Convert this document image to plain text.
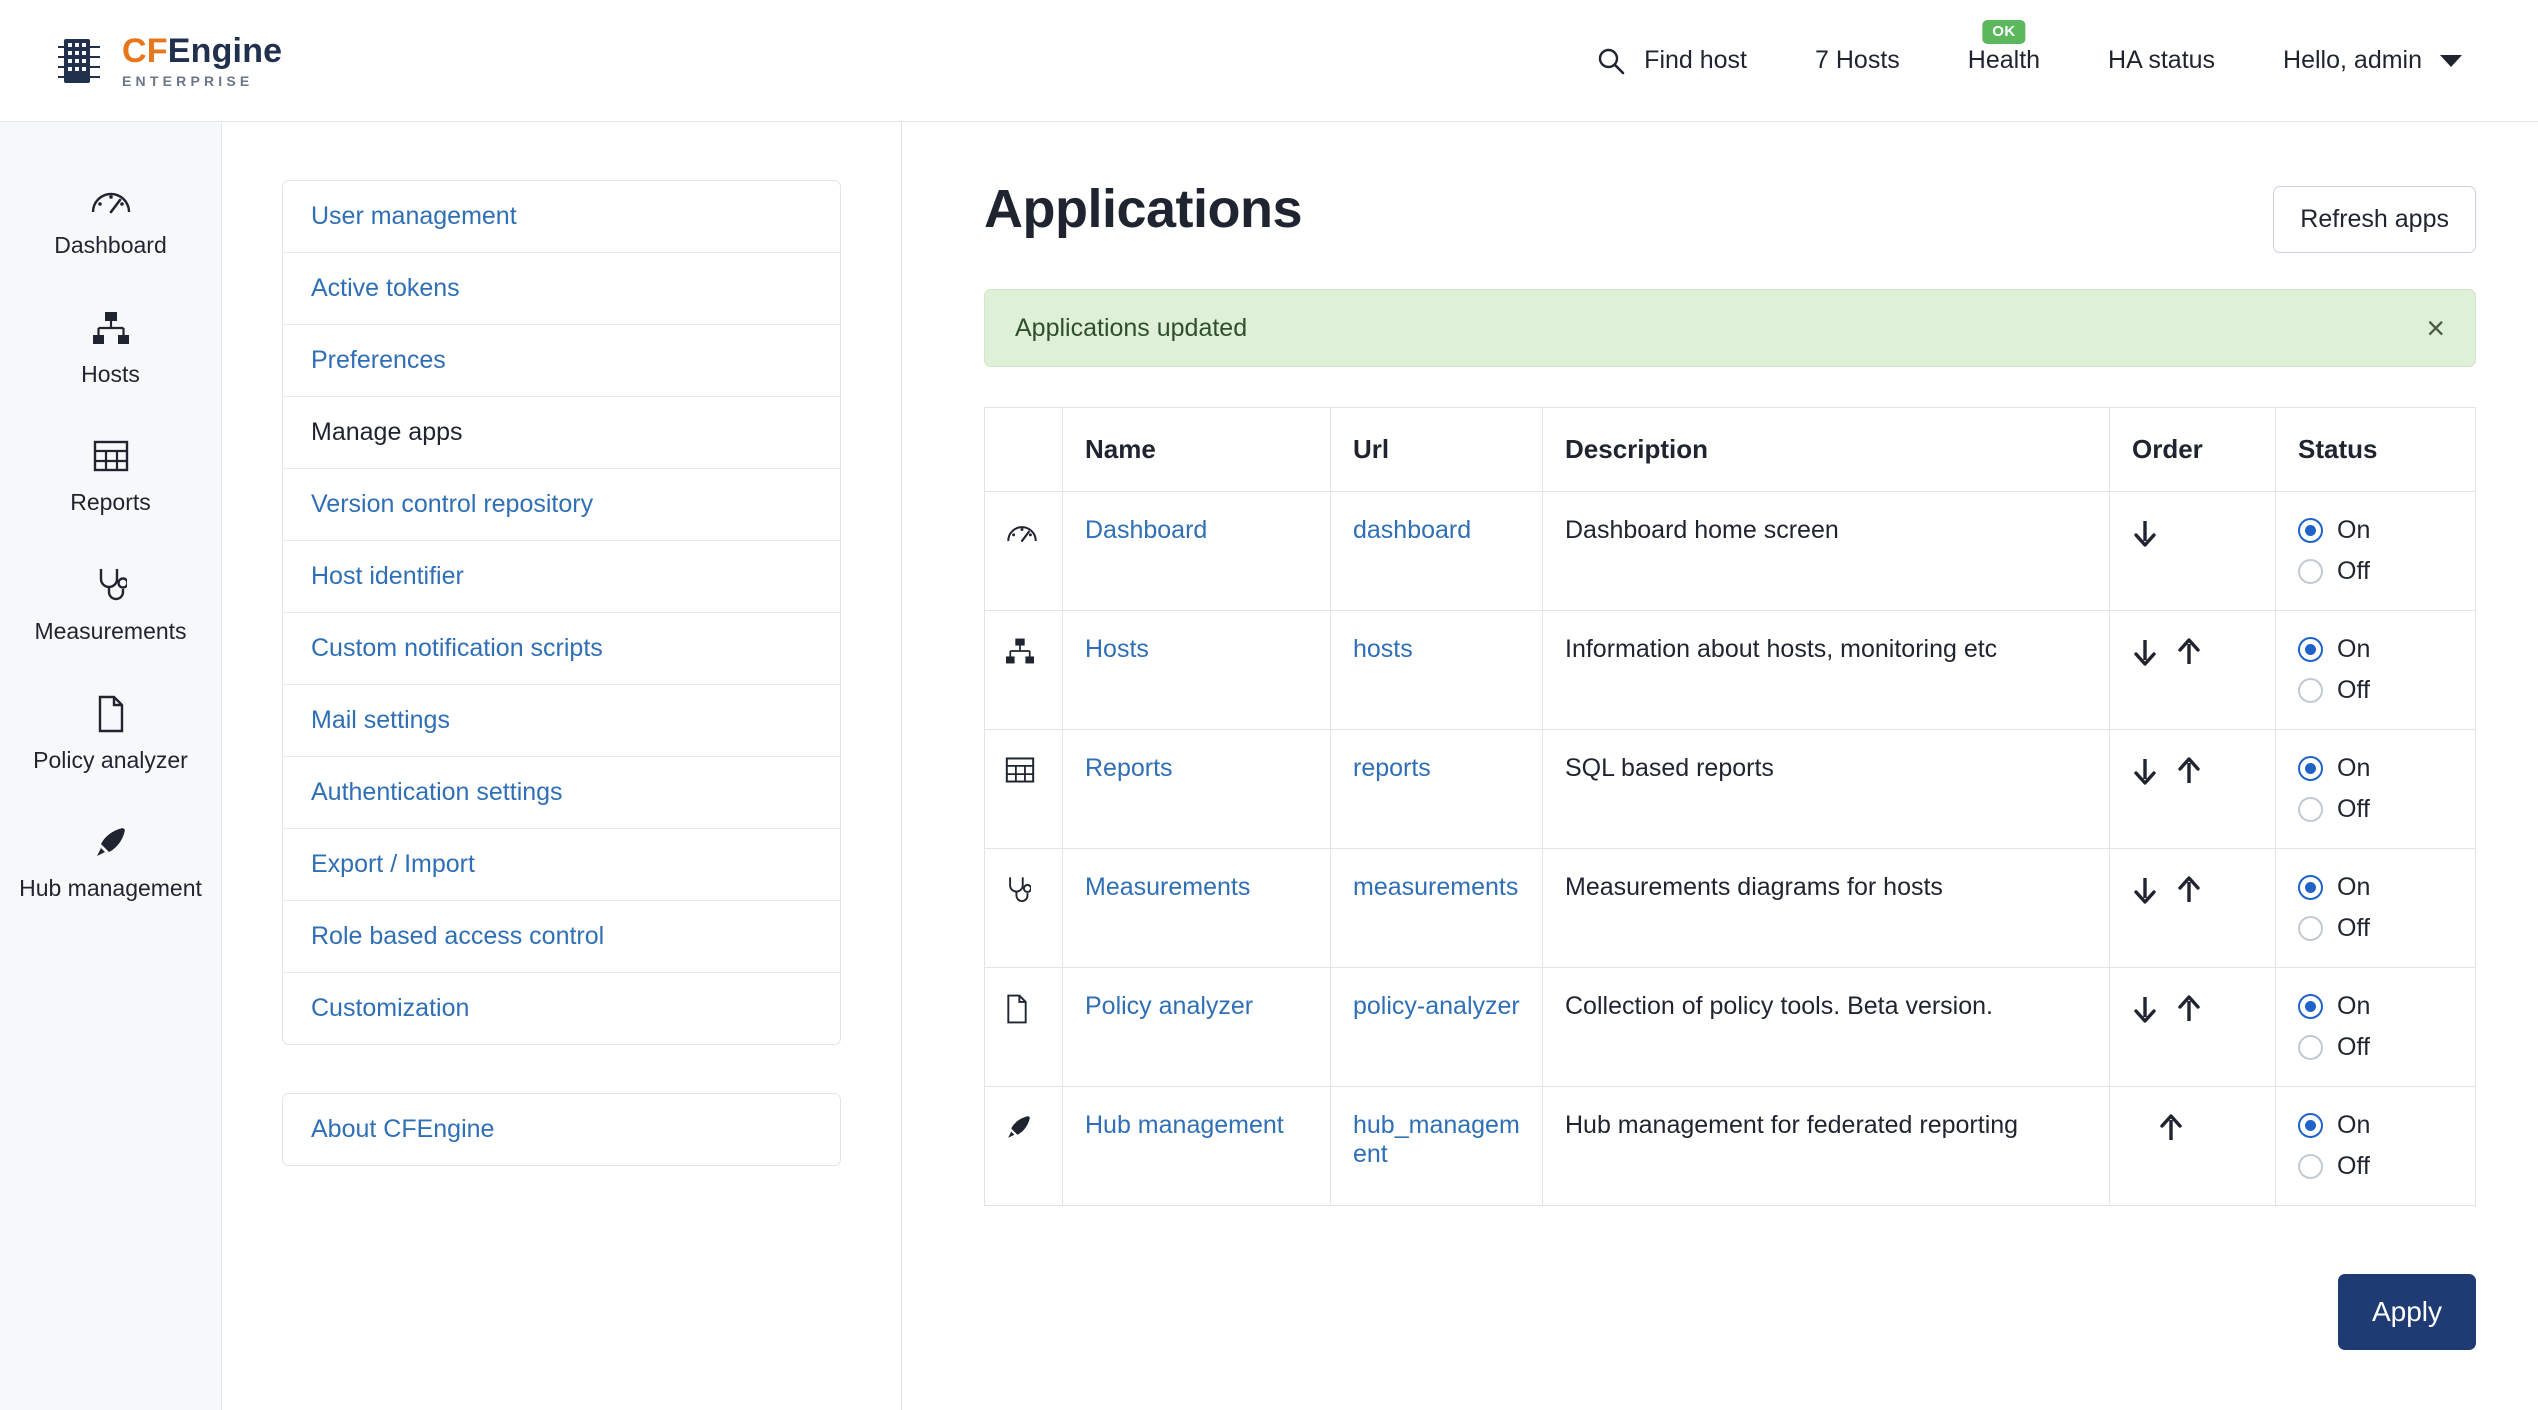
CFEngine
ENTERPRISE
Find host	7 Hosts
OK
Health	HA status	Hello, admin
Dashboard
Hosts
Reports
Measurements
Policy analyzer
Hub management
User management
Active tokens
Preferences
Manage apps
Version control repository
Host identifier
Custom notification scripts
Mail settings
Authentication settings
Export / Import
Role based access control
Customization
About CFEngine
Applications	Refresh apps
Applications updated	×
	Name	Url	Description	Order	Status
	Dashboard	dashboard	Dashboard home screen		On
Off

	Hosts	hosts	Information about hosts, monitoring etc		On
Off

	Reports	reports	SQL based reports		On
Off

	Measurements	measurements	Measurements diagrams for hosts		On
Off

	Policy analyzer	policy-analyzer	Collection of policy tools. Beta version.		On
Off

	Hub management	hub_management	Hub management for federated reporting		On
Off
Apply
